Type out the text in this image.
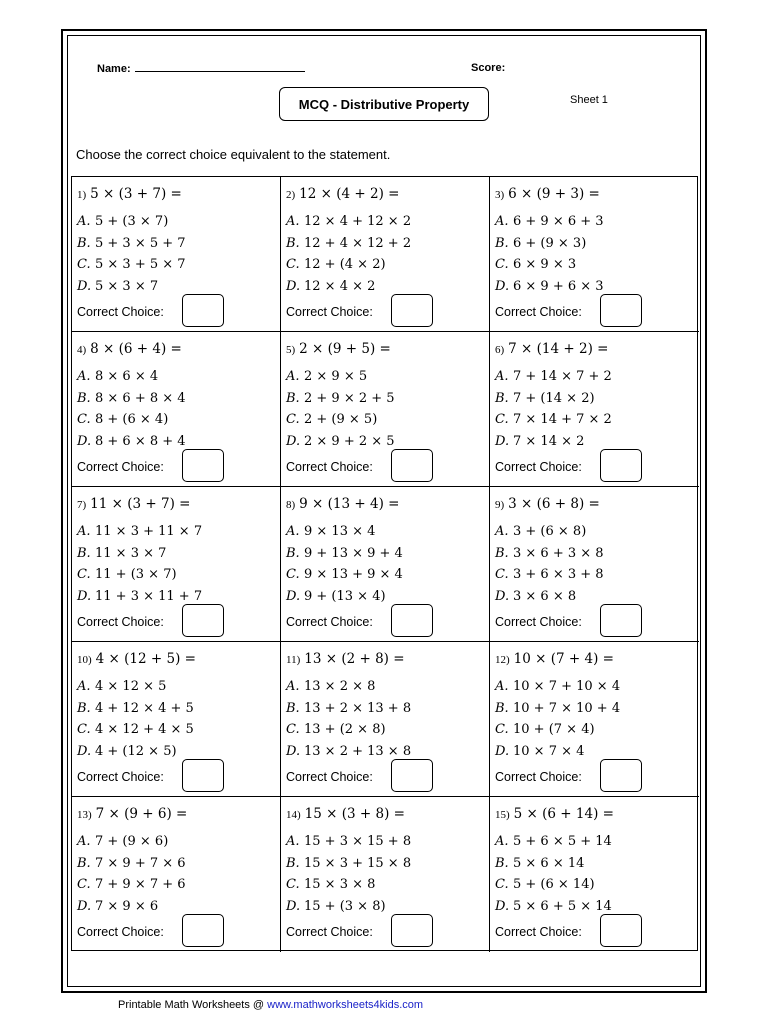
Name:	Score:
MCQ - Distributive Property	Sheet 1
Choose the correct choice equivalent to the statement.
1) 5 × (3 + 7) =
A. 5 + (3 × 7)
B. 5 + 3 × 5 + 7
C. 5 × 3 + 5 × 7
D. 5 × 3 × 7
Correct Choice:
2) 12 × (4 + 2) =
A. 12 × 4 + 12 × 2
B. 12 + 4 × 12 + 2
C. 12 + (4 × 2)
D. 12 × 4 × 2
Correct Choice:
3) 6 × (9 + 3) =
A. 6 + 9 × 6 + 3
B. 6 + (9 × 3)
C. 6 × 9 × 3
D. 6 × 9 + 6 × 3
Correct Choice:
4) 8 × (6 + 4) =
A. 8 × 6 × 4
B. 8 × 6 + 8 × 4
C. 8 + (6 × 4)
D. 8 + 6 × 8 + 4
Correct Choice:
5) 2 × (9 + 5) =
A. 2 × 9 × 5
B. 2 + 9 × 2 + 5
C. 2 + (9 × 5)
D. 2 × 9 + 2 × 5
Correct Choice:
6) 7 × (14 + 2) =
A. 7 + 14 × 7 + 2
B. 7 + (14 × 2)
C. 7 × 14 + 7 × 2
D. 7 × 14 × 2
Correct Choice:
7) 11 × (3 + 7) =
A. 11 × 3 + 11 × 7
B. 11 × 3 × 7
C. 11 + (3 × 7)
D. 11 + 3 × 11 + 7
Correct Choice:
8) 9 × (13 + 4) =
A. 9 × 13 × 4
B. 9 + 13 × 9 + 4
C. 9 × 13 + 9 × 4
D. 9 + (13 × 4)
Correct Choice:
9) 3 × (6 + 8) =
A. 3 + (6 × 8)
B. 3 × 6 + 3 × 8
C. 3 + 6 × 3 + 8
D. 3 × 6 × 8
Correct Choice:
10) 4 × (12 + 5) =
A. 4 × 12 × 5
B. 4 + 12 × 4 + 5
C. 4 × 12 + 4 × 5
D. 4 + (12 × 5)
Correct Choice:
11) 13 × (2 + 8) =
A. 13 × 2 × 8
B. 13 + 2 × 13 + 8
C. 13 + (2 × 8)
D. 13 × 2 + 13 × 8
Correct Choice:
12) 10 × (7 + 4) =
A. 10 × 7 + 10 × 4
B. 10 + 7 × 10 + 4
C. 10 + (7 × 4)
D. 10 × 7 × 4
Correct Choice:
13) 7 × (9 + 6) =
A. 7 + (9 × 6)
B. 7 × 9 + 7 × 6
C. 7 + 9 × 7 + 6
D. 7 × 9 × 6
Correct Choice:
14) 15 × (3 + 8) =
A. 15 + 3 × 15 + 8
B. 15 × 3 + 15 × 8
C. 15 × 3 × 8
D. 15 + (3 × 8)
Correct Choice:
15) 5 × (6 + 14) =
A. 5 + 6 × 5 + 14
B. 5 × 6 × 14
C. 5 + (6 × 14)
D. 5 × 6 + 5 × 14
Correct Choice:
Printable Math Worksheets @ www.mathworksheets4kids.com
